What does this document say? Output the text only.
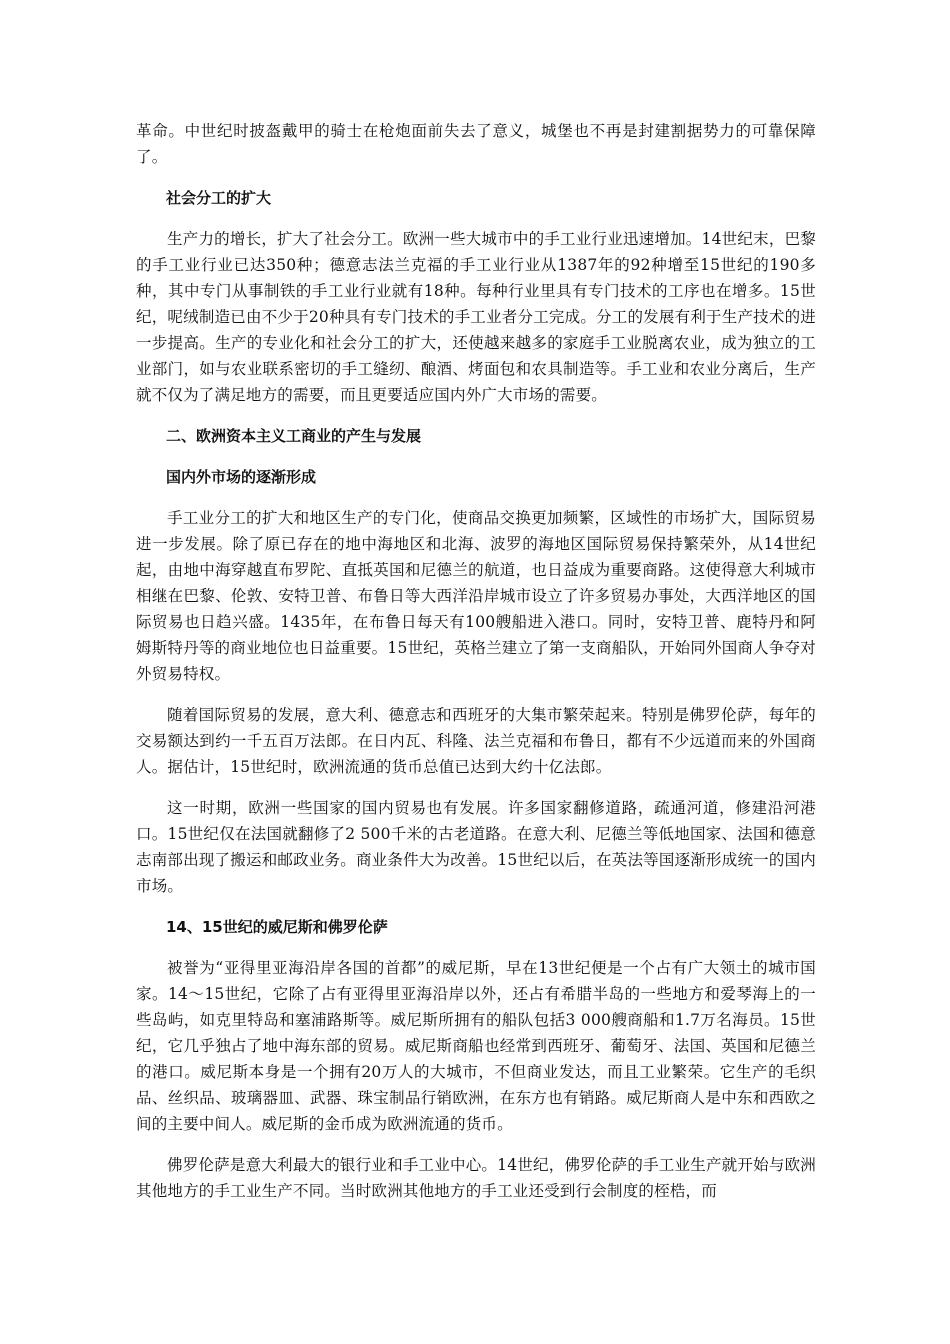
革命。中世纪时披盔戴甲的骑士在枪炮面前失去了意义，城堡也不再是封建割据势力的可靠保障了。

社会分工的扩大

生产力的增长，扩大了社会分工。欧洲一些大城市中的手工业行业迅速增加。14世纪末，巴黎的手工业行业已达350种；德意志法兰克福的手工业行业从1387年的92种增至15世纪的190多种，其中专门从事制铁的手工业行业就有18种。每种行业里具有专门技术的工序也在增多。15世纪，呢绒制造已由不少于20种具有专门技术的手工业者分工完成。分工的发展有利于生产技术的进一步提高。生产的专业化和社会分工的扩大，还使越来越多的家庭手工业脱离农业，成为独立的工业部门，如与农业联系密切的手工缝纫、酿酒、烤面包和农具制造等。手工业和农业分离后，生产就不仅为了满足地方的需要，而且更要适应国内外广大市场的需要。

二、欧洲资本主义工商业的产生与发展
国内外市场的逐渐形成

手工业分工的扩大和地区生产的专门化，使商品交换更加频繁，区域性的市场扩大，国际贸易进一步发展。除了原已存在的地中海地区和北海、波罗的海地区国际贸易保持繁荣外，从14世纪起，由地中海穿越直布罗陀、直抵英国和尼德兰的航道，也日益成为重要商路。这使得意大利城市相继在巴黎、伦敦、安特卫普、布鲁日等大西洋沿岸城市设立了许多贸易办事处，大西洋地区的国际贸易也日趋兴盛。1435年，在布鲁日每天有100艘船进入港口。同时，安特卫普、鹿特丹和阿姆斯特丹等的商业地位也日益重要。15世纪，英格兰建立了第一支商船队，开始同外国商人争夺对外贸易特权。

随着国际贸易的发展，意大利、德意志和西班牙的大集市繁荣起来。特别是佛罗伦萨，每年的交易额达到约一千五百万法郎。在日内瓦、科隆、法兰克福和布鲁日，都有不少远道而来的外国商人。据估计，15世纪时，欧洲流通的货币总值已达到大约十亿法郎。

这一时期，欧洲一些国家的国内贸易也有发展。许多国家翻修道路，疏通河道，修建沿河港口。15世纪仅在法国就翻修了2 500千米的古老道路。在意大利、尼德兰等低地国家、法国和德意志南部出现了搬运和邮政业务。商业条件大为改善。15世纪以后，在英法等国逐渐形成统一的国内市场。

14、15世纪的威尼斯和佛罗伦萨

被誉为“亚得里亚海沿岸各国的首都”的威尼斯，早在13世纪便是一个占有广大领土的城市国家。14～15世纪，它除了占有亚得里亚海沿岸以外，还占有希腊半岛的一些地方和爱琴海上的一些岛屿，如克里特岛和塞浦路斯等。威尼斯所拥有的船队包括3 000艘商船和1.7万名海员。15世纪，它几乎独占了地中海东部的贸易。威尼斯商船也经常到西班牙、葡萄牙、法国、英国和尼德兰的港口。威尼斯本身是一个拥有20万人的大城市，不但商业发达，而且工业繁荣。它生产的毛织品、丝织品、玻璃器皿、武器、珠宝制品行销欧洲，在东方也有销路。威尼斯商人是中东和西欧之间的主要中间人。威尼斯的金币成为欧洲流通的货币。

佛罗伦萨是意大利最大的银行业和手工业中心。14世纪，佛罗伦萨的手工业生产就开始与欧洲其他地方的手工业生产不同。当时欧洲其他地方的手工业还受到行会制度的桎梏，而
